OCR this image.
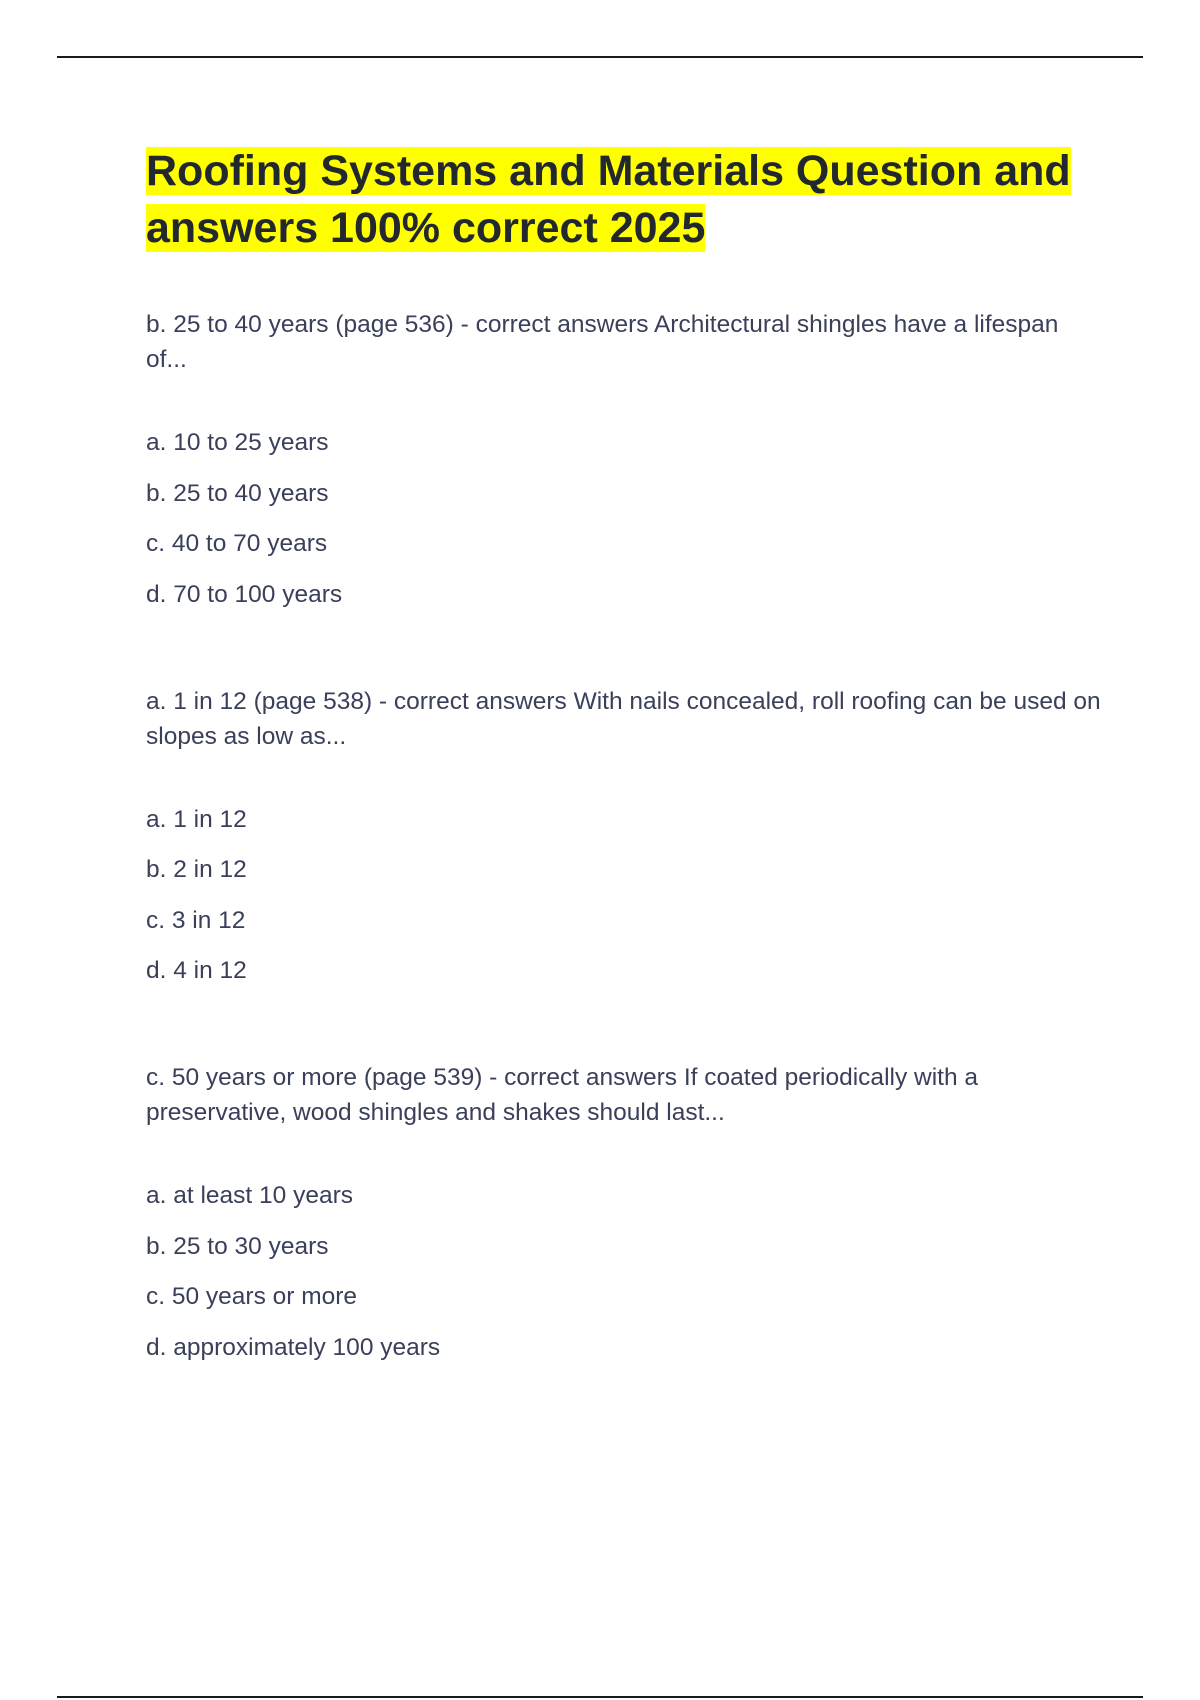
Roofing Systems and Materials Question and answers 100% correct 2025

b. 25 to 40 years (page 536) - correct answers Architectural shingles have a lifespan of...

a. 10 to 25 years
b. 25 to 40 years
c. 40 to 70 years
d. 70 to 100 years

a. 1 in 12 (page 538) - correct answers With nails concealed, roll roofing can be used on slopes as low as...

a. 1 in 12
b. 2 in 12
c. 3 in 12
d. 4 in 12

c. 50 years or more (page 539) - correct answers If coated periodically with a preservative, wood shingles and shakes should last...

a. at least 10 years
b. 25 to 30 years
c. 50 years or more
d. approximately 100 years
